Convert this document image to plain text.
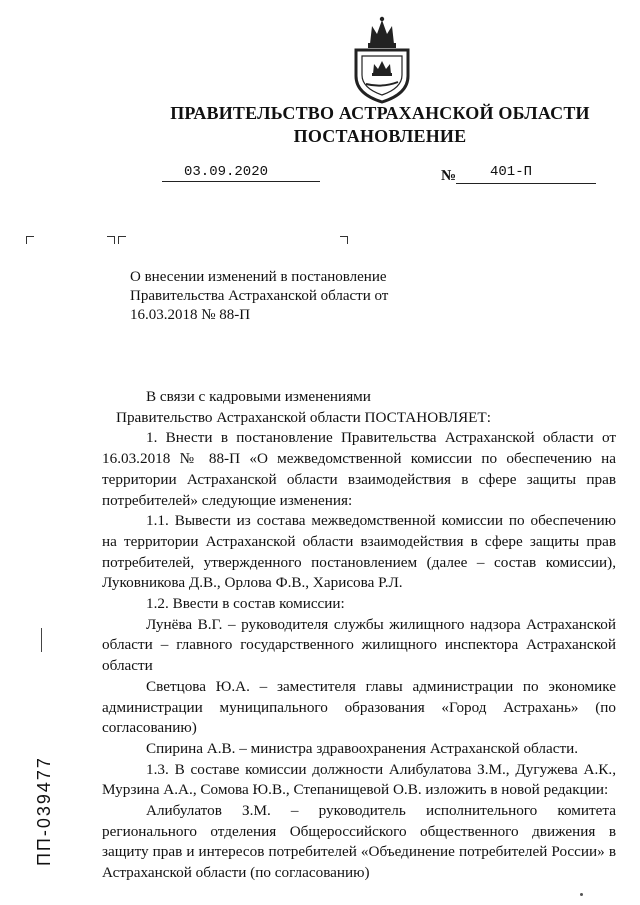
ПРАВИТЕЛЬСТВО АСТРАХАНСКОЙ ОБЛАСТИ
ПОСТАНОВЛЕНИЕ
03.09.2020	№ 401-П
О внесении изменений в постановление Правительства Астраханской области от 16.03.2018 № 88-П

В связи с кадровыми изменениями

Правительство Астраханской области ПОСТАНОВЛЯЕТ:

1. Внести в постановление Правительства Астраханской области от 16.03.2018 № 88-П «О межведомственной комиссии по обеспечению на территории Астраханской области взаимодействия в сфере защиты прав потребителей» следующие изменения:

1.1. Вывести из состава межведомственной комиссии по обеспечению на территории Астраханской области взаимодействия в сфере защиты прав потребителей, утвержденного постановлением (далее – состав комиссии), Луковникова Д.В., Орлова Ф.В., Харисова Р.Л.

1.2. Ввести в состав комиссии:

Лунёва В.Г. – руководителя службы жилищного надзора Астраханской области – главного государственного жилищного инспектора Астраханской области

Светцова Ю.А. – заместителя главы администрации по экономике администрации муниципального образования «Город Астрахань» (по согласованию)

Спирина А.В. – министра здравоохранения Астраханской области.

1.3. В составе комиссии должности Алибулатова З.М., Дугужева А.К., Мурзина А.А., Сомова Ю.В., Степанищевой О.В. изложить в новой редакции:

Алибулатов З.М. – руководитель исполнительного комитета регионального отделения Общероссийского общественного движения в защиту прав и интересов потребителей «Объединение потребителей России» в Астраханской области (по согласованию)

ПП-039477
